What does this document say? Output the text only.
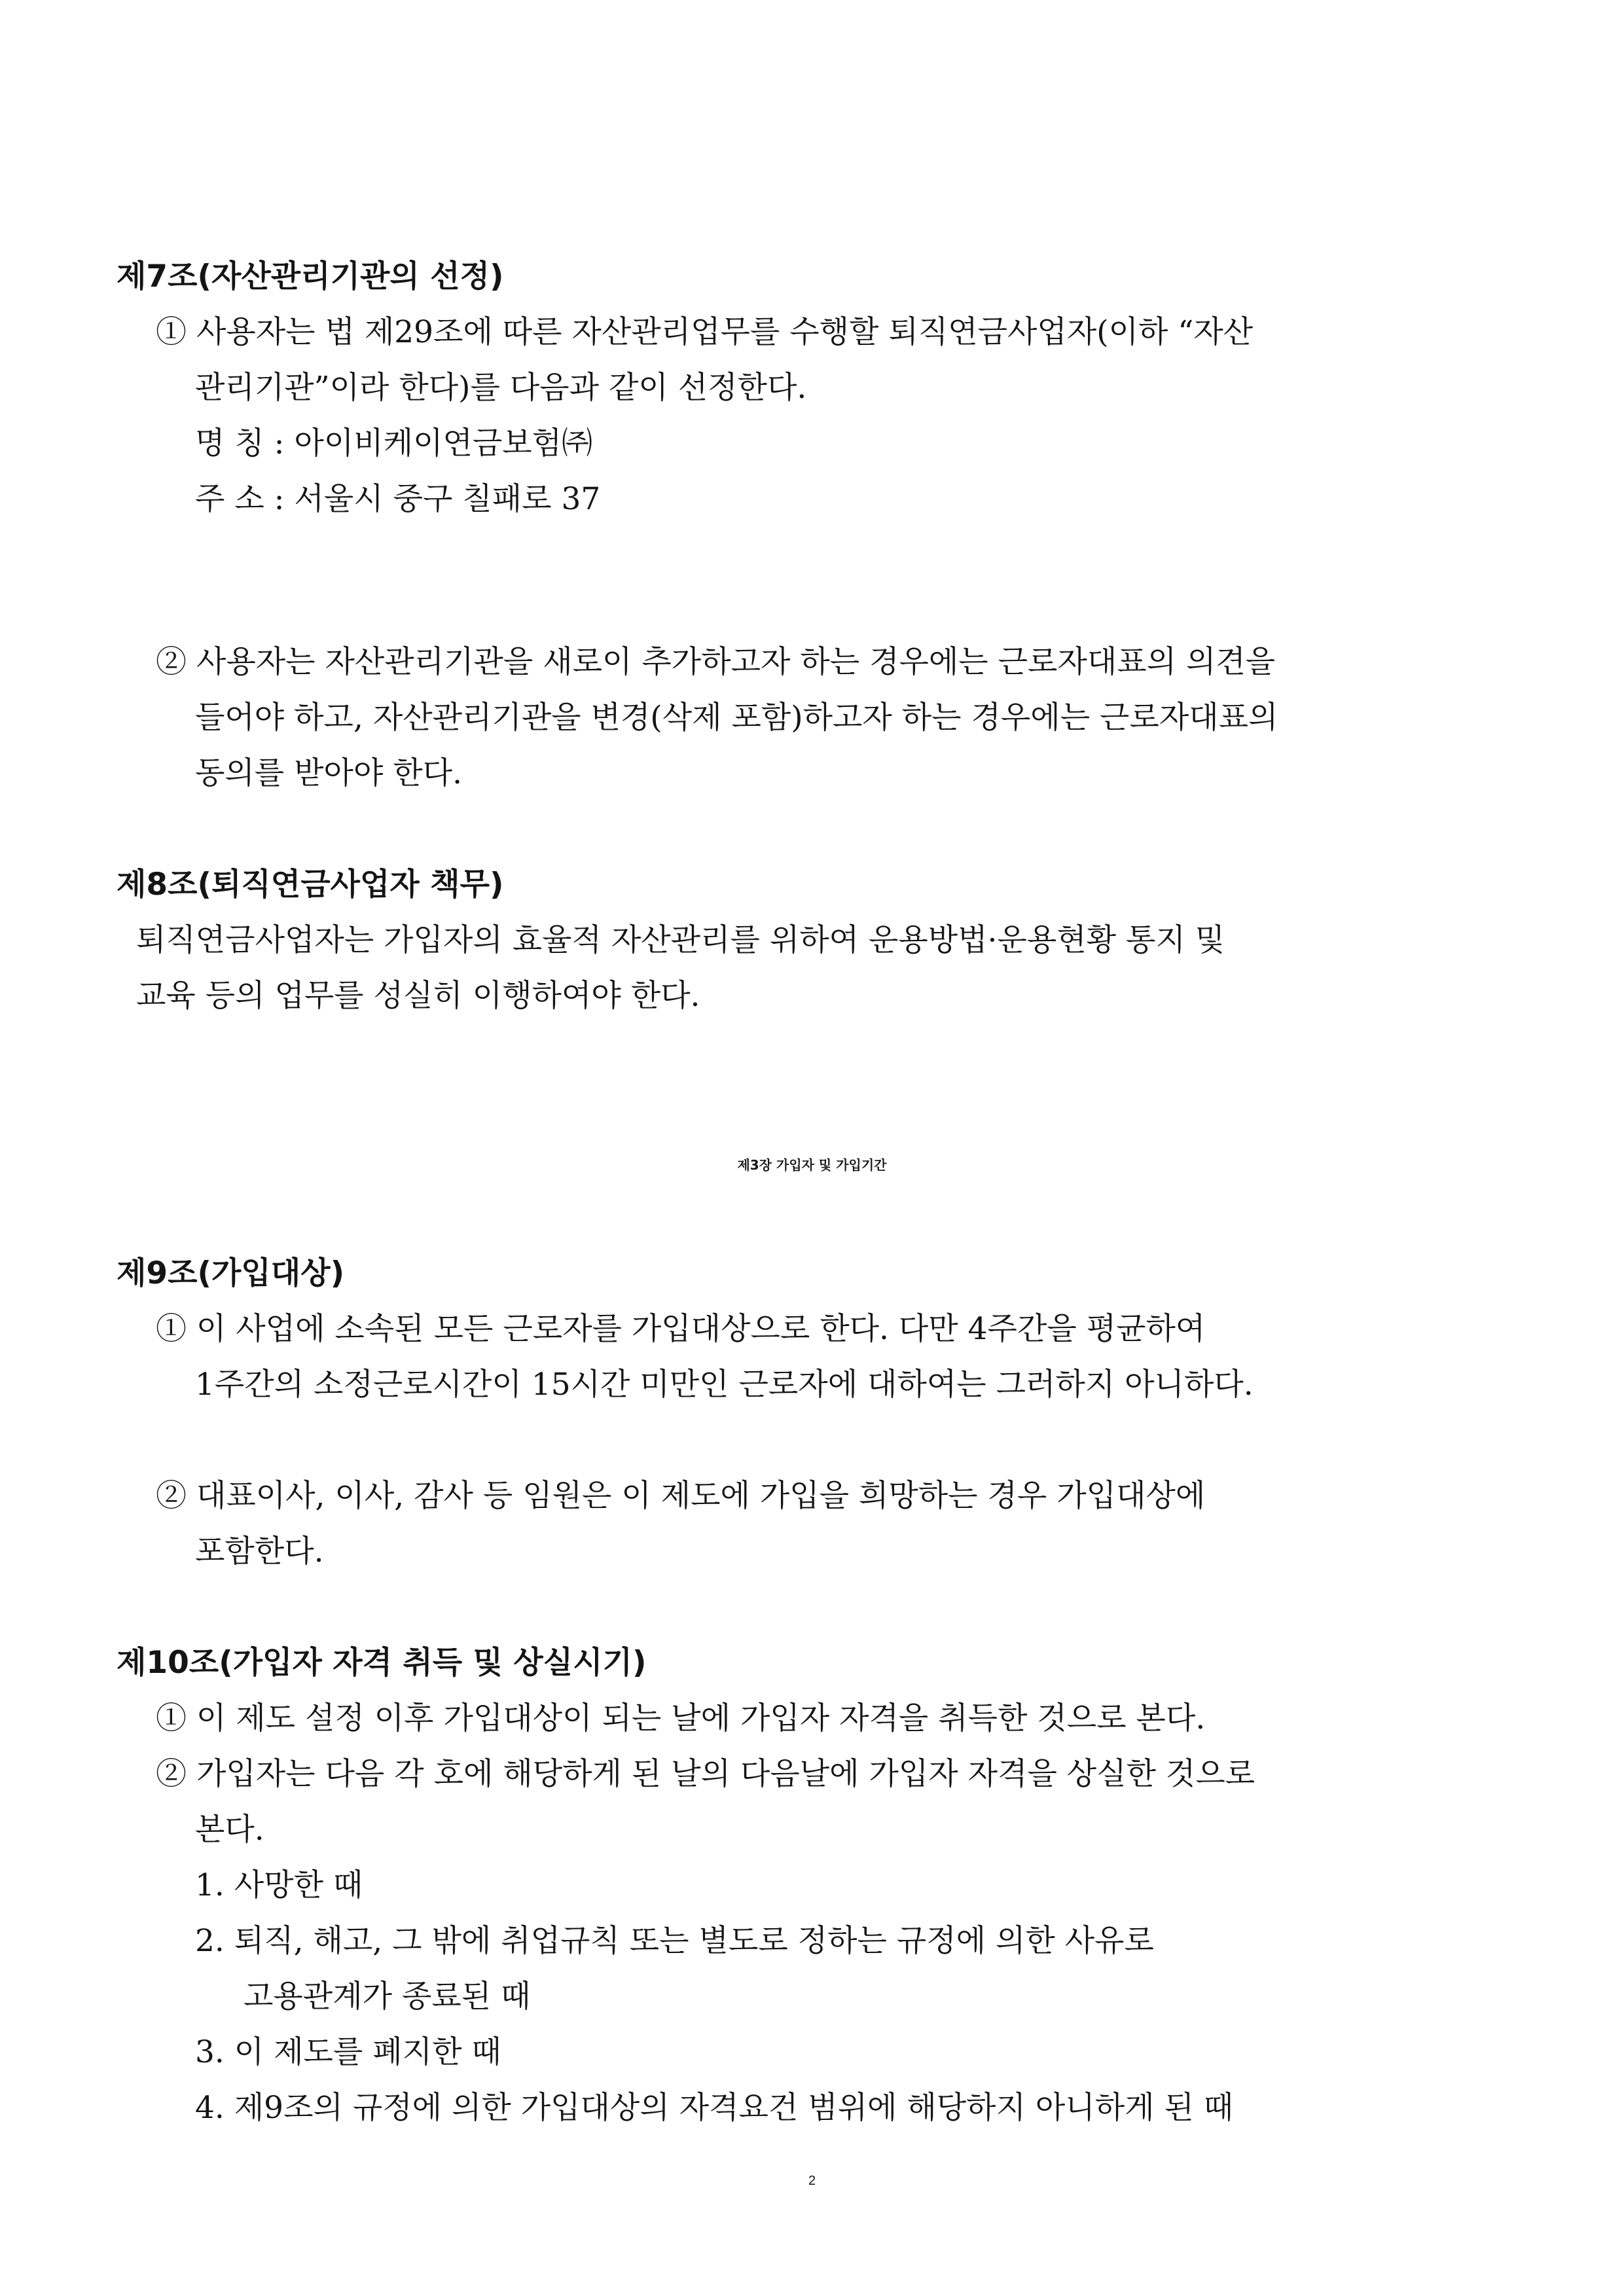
제7조(자산관리기관의 선정)

① 사용자는 법 제29조에 따른 자산관리업무를 수행할 퇴직연금사업자(이하 “자산

관리기관”이라 한다)를 다음과 같이 선정한다.

명 칭 : 아이비케이연금보험㈜

주 소 : 서울시 중구 칠패로 37

② 사용자는 자산관리기관을 새로이 추가하고자 하는 경우에는 근로자대표의 의견을

들어야 하고, 자산관리기관을 변경(삭제 포함)하고자 하는 경우에는 근로자대표의

동의를 받아야 한다.

제8조(퇴직연금사업자 책무)

퇴직연금사업자는 가입자의 효율적 자산관리를 위하여 운용방법·운용현황 통지 및

교육 등의 업무를 성실히 이행하여야 한다.

제3장 가입자 및 가입기간
제9조(가입대상)

① 이 사업에 소속된 모든 근로자를 가입대상으로 한다. 다만 4주간을 평균하여

1주간의 소정근로시간이 15시간 미만인 근로자에 대하여는 그러하지 아니하다.

② 대표이사, 이사, 감사 등 임원은 이 제도에 가입을 희망하는 경우 가입대상에

포함한다.

제10조(가입자 자격 취득 및 상실시기)

① 이 제도 설정 이후 가입대상이 되는 날에 가입자 자격을 취득한 것으로 본다.

② 가입자는 다음 각 호에 해당하게 된 날의 다음날에 가입자 자격을 상실한 것으로

본다.

1. 사망한 때

2. 퇴직, 해고, 그 밖에 취업규칙 또는 별도로 정하는 규정에 의한 사유로

고용관계가 종료된 때

3. 이 제도를 폐지한 때

4. 제9조의 규정에 의한 가입대상의 자격요건 범위에 해당하지 아니하게 된 때

2
